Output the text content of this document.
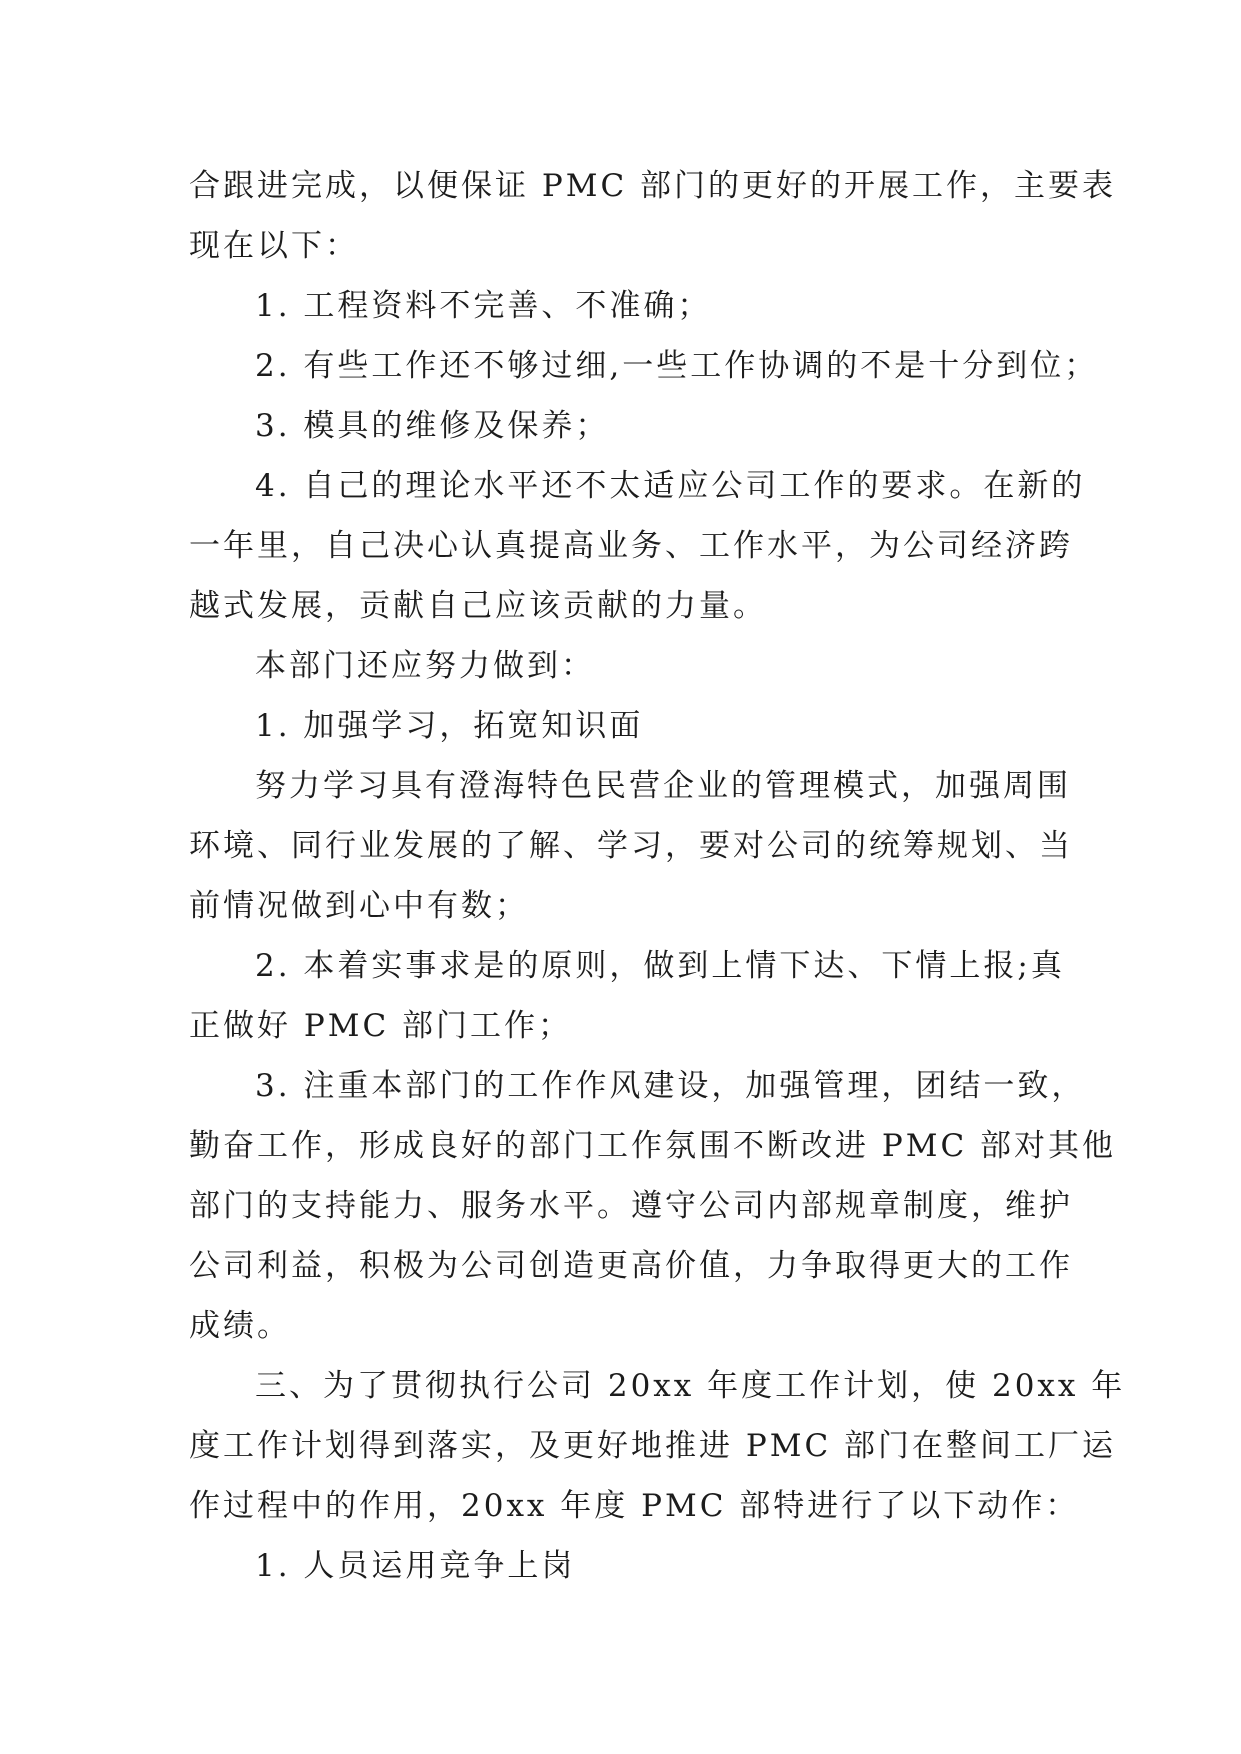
合跟进完成，以便保证 PMC 部门的更好的开展工作，主要表
现在以下：
1. 工程资料不完善、不准确；
2. 有些工作还不够过细,一些工作协调的不是十分到位；
3. 模具的维修及保养；
4. 自己的理论水平还不太适应公司工作的要求。在新的
一年里，自己决心认真提高业务、工作水平，为公司经济跨
越式发展，贡献自己应该贡献的力量。
本部门还应努力做到：
1. 加强学习，拓宽知识面
努力学习具有澄海特色民营企业的管理模式，加强周围
环境、同行业发展的了解、学习，要对公司的统筹规划、当
前情况做到心中有数；
2. 本着实事求是的原则，做到上情下达、下情上报;真
正做好 PMC 部门工作；
3. 注重本部门的工作作风建设，加强管理，团结一致，
勤奋工作，形成良好的部门工作氛围不断改进 PMC 部对其他
部门的支持能力、服务水平。遵守公司内部规章制度，维护
公司利益，积极为公司创造更高价值，力争取得更大的工作
成绩。
三、为了贯彻执行公司 20xx 年度工作计划，使 20xx 年
度工作计划得到落实，及更好地推进 PMC 部门在整间工厂运
作过程中的作用，20xx 年度 PMC 部特进行了以下动作：
1. 人员运用竞争上岗
